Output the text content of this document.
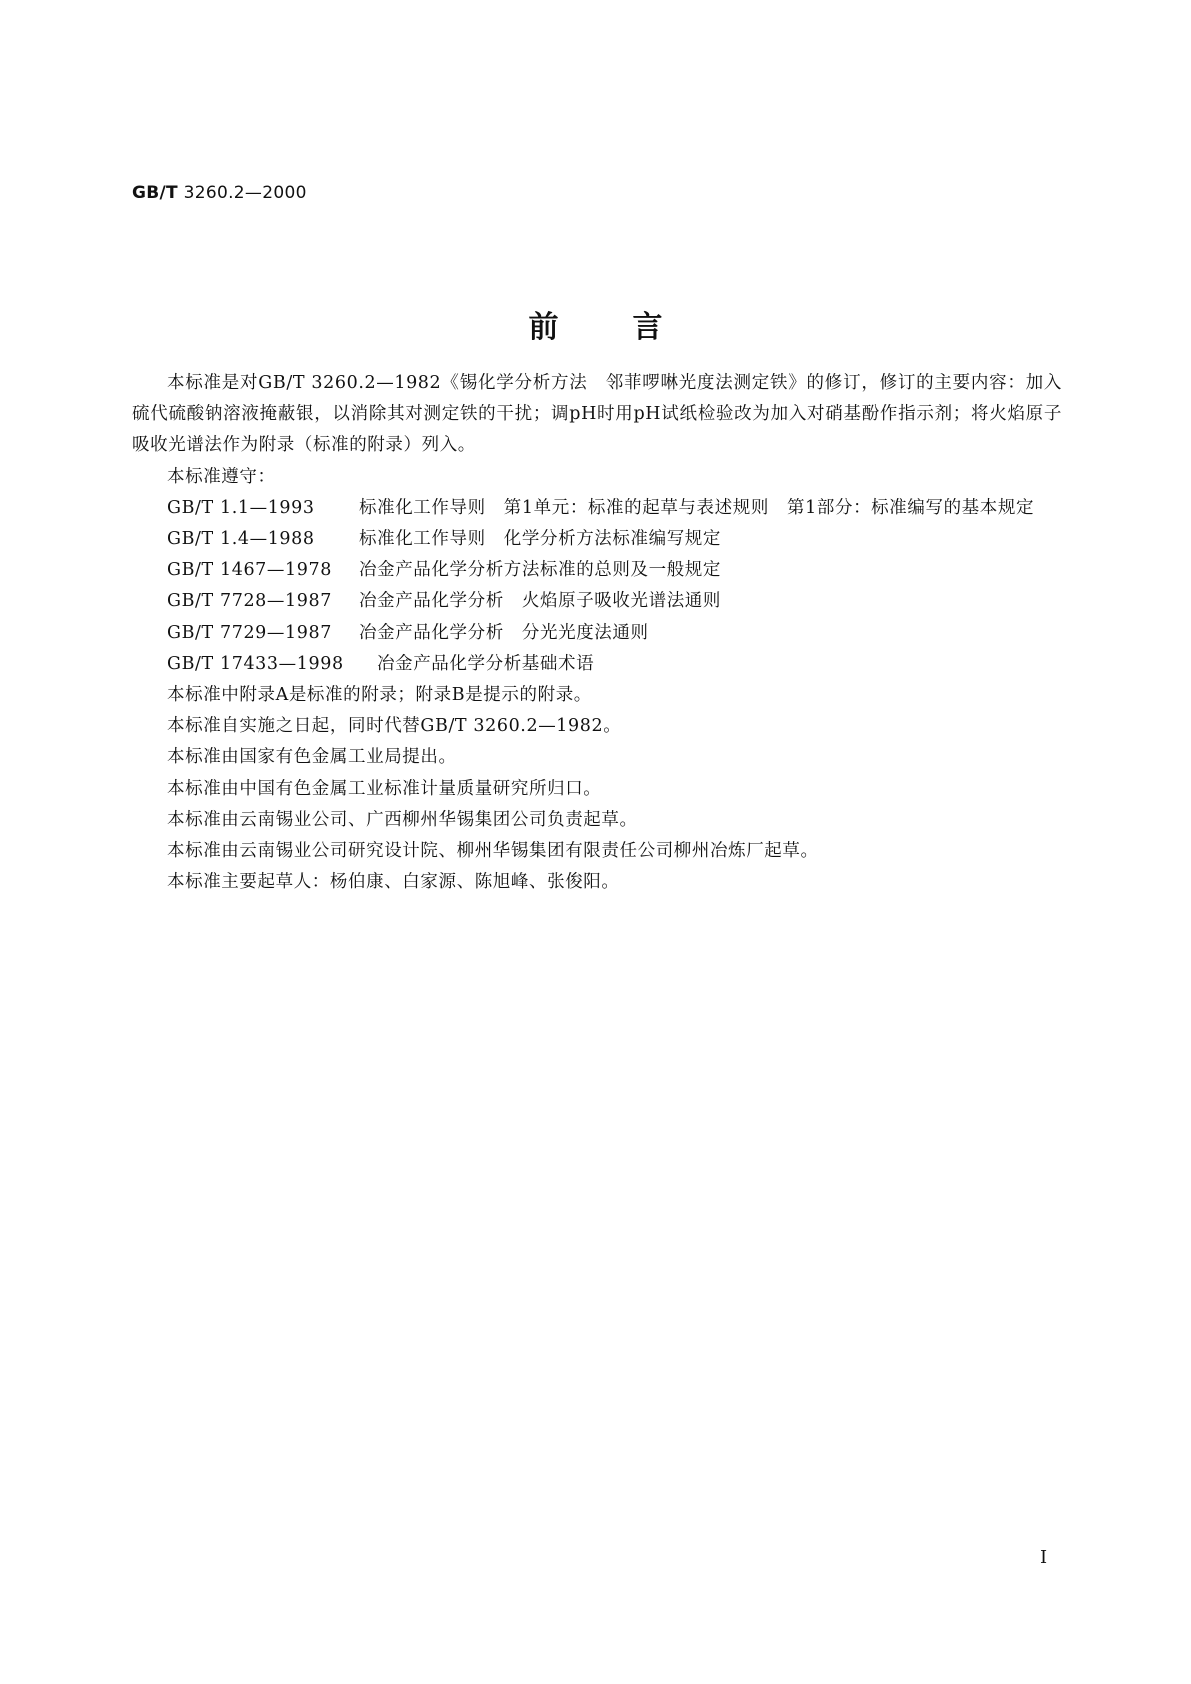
GB/T 3260.2—2000
前言

本标准是对GB/T 3260.2—1982《锡化学分析方法　邻菲啰啉光度法测定铁》的修订，修订的主要内容：加入硫代硫酸钠溶液掩蔽银，以消除其对测定铁的干扰；调pH时用pH试纸检验改为加入对硝基酚作指示剂；将火焰原子吸收光谱法作为附录（标准的附录）列入。

本标准遵守：

GB/T 1.1—1993	标准化工作导则　第1单元：标准的起草与表述规则　第1部分：标准编写的基本规定
GB/T 1.4—1988	标准化工作导则　化学分析方法标准编写规定
GB/T 1467—1978	冶金产品化学分析方法标准的总则及一般规定
GB/T 7728—1987	冶金产品化学分析　火焰原子吸收光谱法通则
GB/T 7729—1987	冶金产品化学分析　分光光度法通则
GB/T 17433—1998	冶金产品化学分析基础术语

本标准中附录A是标准的附录；附录B是提示的附录。

本标准自实施之日起，同时代替GB/T 3260.2—1982。

本标准由国家有色金属工业局提出。

本标准由中国有色金属工业标准计量质量研究所归口。

本标准由云南锡业公司、广西柳州华锡集团公司负责起草。

本标准由云南锡业公司研究设计院、柳州华锡集团有限责任公司柳州冶炼厂起草。

本标准主要起草人：杨伯康、白家源、陈旭峰、张俊阳。

I
